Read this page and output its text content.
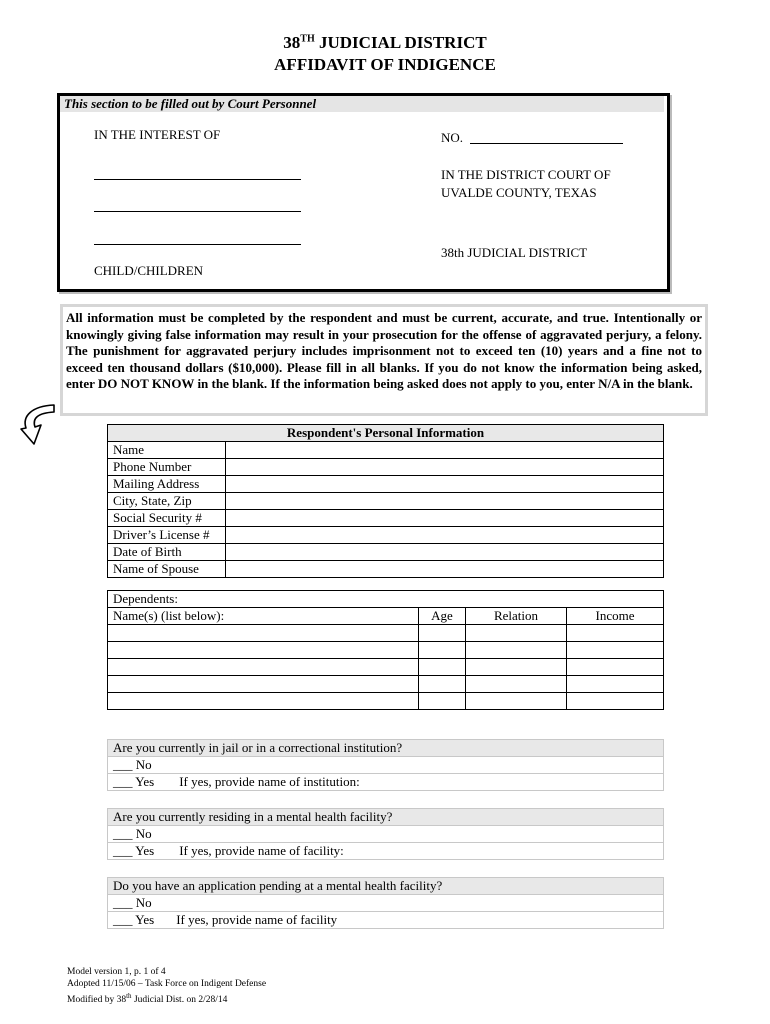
38TH JUDICIAL DISTRICT
AFFIDAVIT OF INDIGENCE
This section to be filled out by Court Personnel
IN THE INTEREST OF	NO.
IN THE DISTRICT COURT OF
UVALDE COUNTY, TEXAS
38th JUDICIAL DISTRICT
CHILD/CHILDREN
All information must be completed by the respondent and must be current, accurate, and true. Intentionally or knowingly giving false information may result in your prosecution for the offense of aggravated perjury, a felony. The punishment for aggravated perjury includes imprisonment not to exceed ten (10) years and a fine not to exceed ten thousand dollars ($10,000). Please fill in all blanks. If you do not know the information being asked, enter DO NOT KNOW in the blank. If the information being asked does not apply to you, enter N/A in the blank.
Respondent's Personal Information	
Name	
Phone Number	
Mailing Address	
City, State, Zip	
Social Security #	
Driver’s License #	
Date of Birth	
Name of Spouse	
Dependents:			
Name(s) (list below):	Age	Relation	Income

Are you currently in jail or in a correctional institution?
___ No
___ Yes If yes, provide name of institution:
Are you currently residing in a mental health facility?
___ No
___ Yes If yes, provide name of facility:
Do you have an application pending at a mental health facility?
___ No
___ Yes If yes, provide name of facility
Model version 1, p. 1 of 4
Adopted 11/15/06 – Task Force on Indigent Defense
Modified by 38th Judicial Dist. on 2/28/14
